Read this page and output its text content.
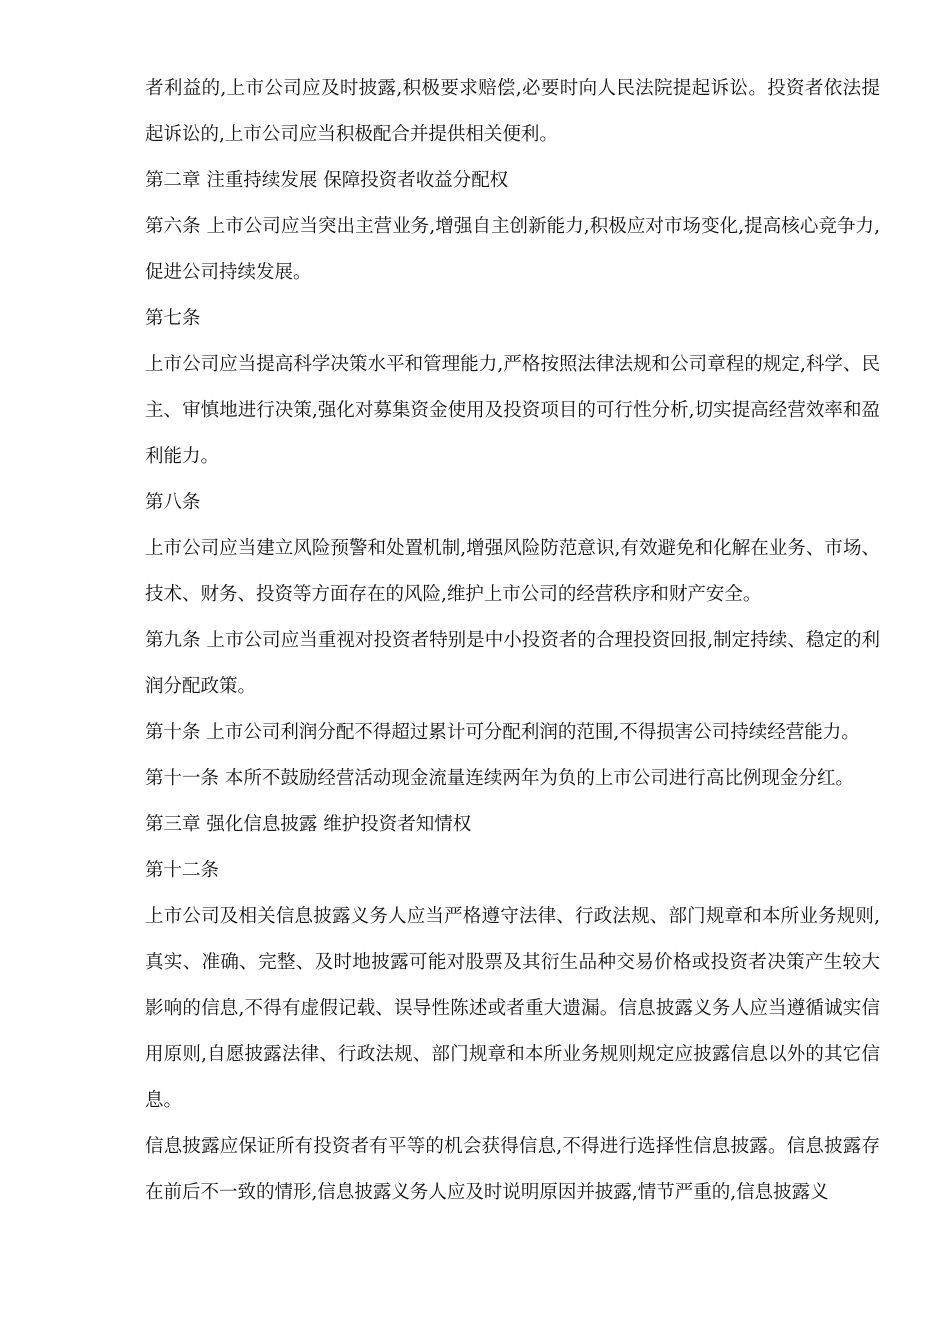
者利益的,上市公司应及时披露,积极要求赔偿,必要时向人民法院提起诉讼。投资者依法提起诉讼的,上市公司应当积极配合并提供相关便利。

第二章 注重持续发展 保障投资者收益分配权

第六条 上市公司应当突出主营业务,增强自主创新能力,积极应对市场变化,提高核心竞争力,促进公司持续发展。

第七条

上市公司应当提高科学决策水平和管理能力,严格按照法律法规和公司章程的规定,科学、民主、审慎地进行决策,强化对募集资金使用及投资项目的可行性分析,切实提高经营效率和盈利能力。

第八条

上市公司应当建立风险预警和处置机制,增强风险防范意识,有效避免和化解在业务、市场、技术、财务、投资等方面存在的风险,维护上市公司的经营秩序和财产安全。

第九条 上市公司应当重视对投资者特别是中小投资者的合理投资回报,制定持续、稳定的利润分配政策。

第十条 上市公司利润分配不得超过累计可分配利润的范围,不得损害公司持续经营能力。

第十一条 本所不鼓励经营活动现金流量连续两年为负的上市公司进行高比例现金分红。

第三章 强化信息披露 维护投资者知情权

第十二条

上市公司及相关信息披露义务人应当严格遵守法律、行政法规、部门规章和本所业务规则,真实、准确、完整、及时地披露可能对股票及其衍生品种交易价格或投资者决策产生较大影响的信息,不得有虚假记载、误导性陈述或者重大遗漏。信息披露义务人应当遵循诚实信用原则,自愿披露法律、行政法规、部门规章和本所业务规则规定应披露信息以外的其它信息。

信息披露应保证所有投资者有平等的机会获得信息,不得进行选择性信息披露。信息披露存在前后不一致的情形,信息披露义务人应及时说明原因并披露,情节严重的,信息披露义
